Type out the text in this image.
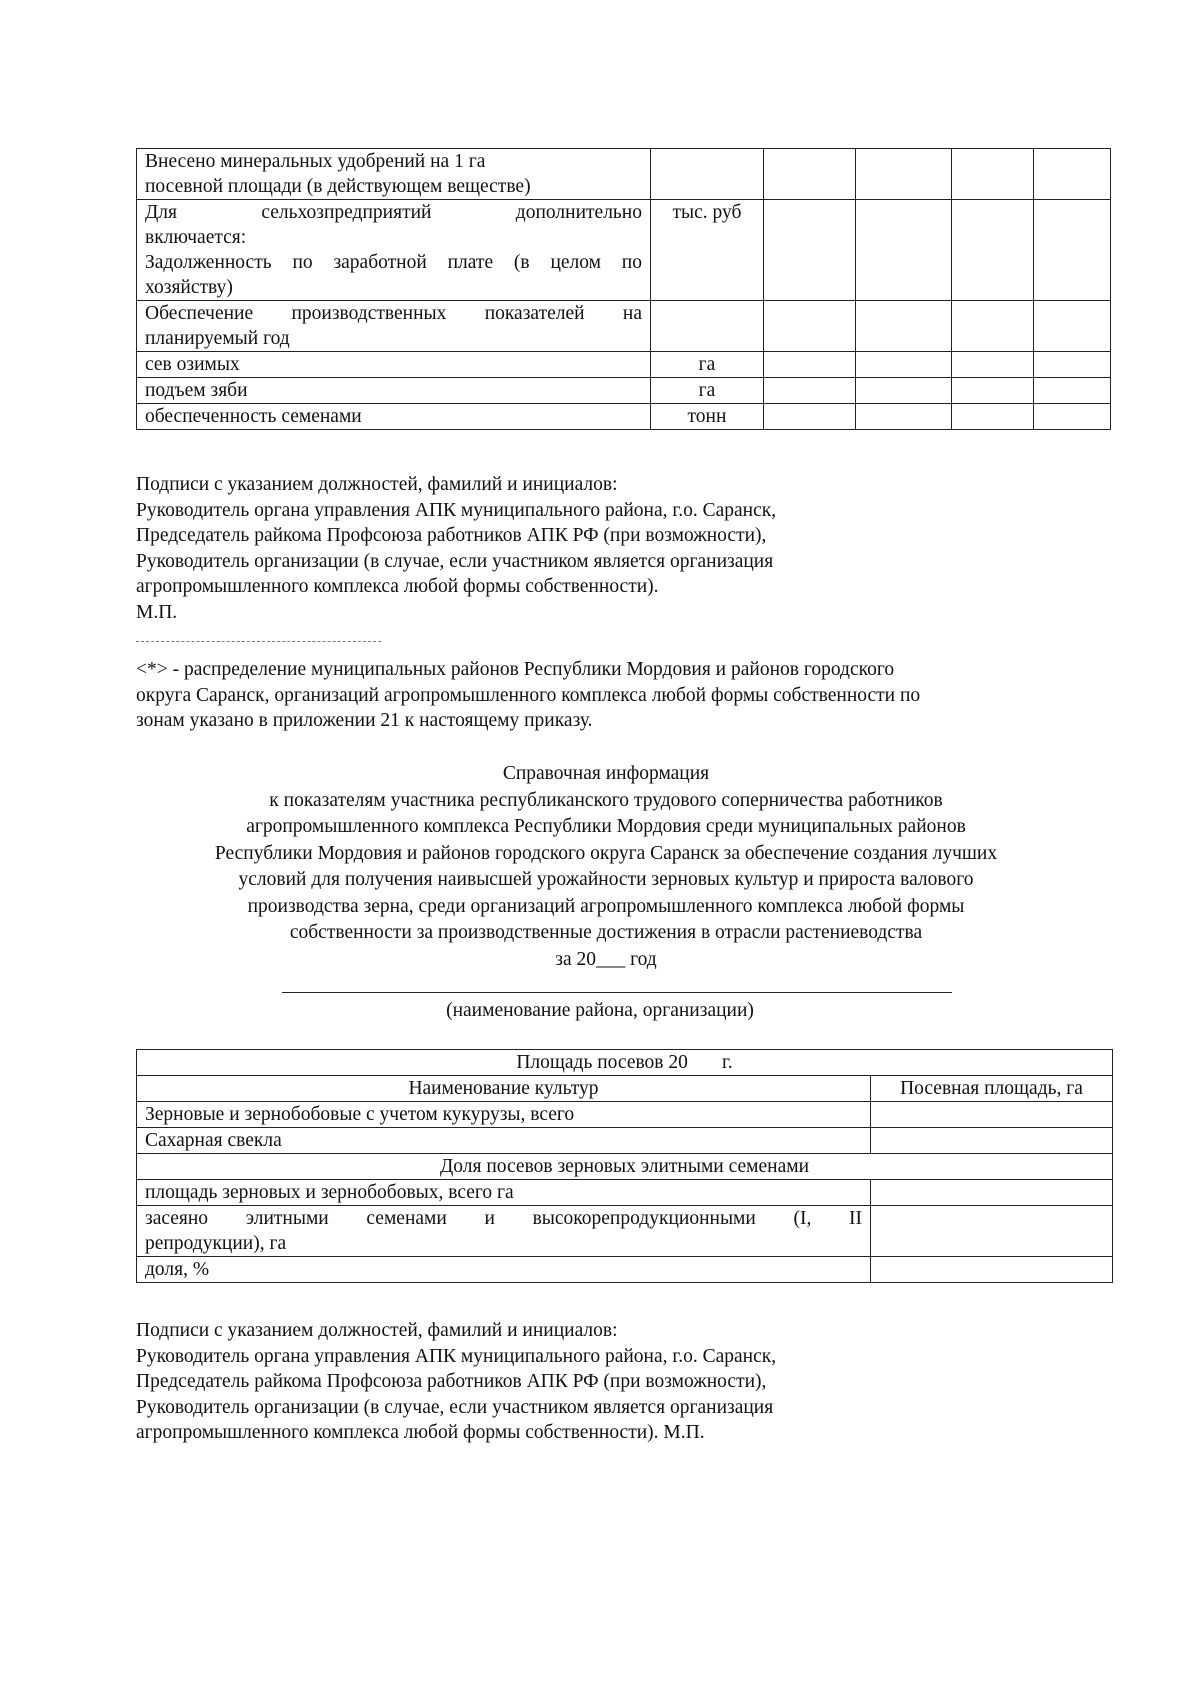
Внесено минеральных удобрений на 1 га
посевной площади (в действующем веществе)					

Для сельхозпредприятий дополнительно
включается:
Задолженность по заработной плате (в целом по
хозяйству)	тыс. руб				

Обеспечение производственных показателей на
планируемый год					

сев озимых	га				
подъем зяби	га				
обеспеченность семенами	тонн				
Подписи с указанием должностей, фамилий и инициалов:
Руководитель органа управления АПК муниципального района, г.о. Саранск,
Председатель райкома Профсоюза работников АПК РФ (при возможности),
Руководитель организации (в случае, если участником является организация
агропромышленного комплекса любой формы собственности).
М.П.
<*> - распределение муниципальных районов Республики Мордовия и районов городского
округа Саранск, организаций агропромышленного комплекса любой формы собственности по
зонам указано в приложении 21 к настоящему приказу.
Справочная информация
к показателям участника республиканского трудового соперничества работников
агропромышленного комплекса Республики Мордовия среди муниципальных районов
Республики Мордовия и районов городского округа Саранск за обеспечение создания лучших
условий для получения наивысшей урожайности зерновых культур и прироста валового
производства зерна, среди организаций агропромышленного комплекса любой формы
собственности за производственные достижения в отрасли растениеводства
за 20___ год
(наименование района, организации)
Площадь посевов 20       г.	
Наименование культур	Посевная площадь, га
Зерновые и зернобобовые с учетом кукурузы, всего	
Сахарная свекла	
Доля посевов зерновых элитными семенами	
площадь зерновых и зернобобовых, всего га	

засеяно элитными семенами и высокорепродукционными (I, II
репродукции), га	

доля, %	
Подписи с указанием должностей, фамилий и инициалов:
Руководитель органа управления АПК муниципального района, г.о. Саранск,
Председатель райкома Профсоюза работников АПК РФ (при возможности),
Руководитель организации (в случае, если участником является организация
агропромышленного комплекса любой формы собственности). М.П.
